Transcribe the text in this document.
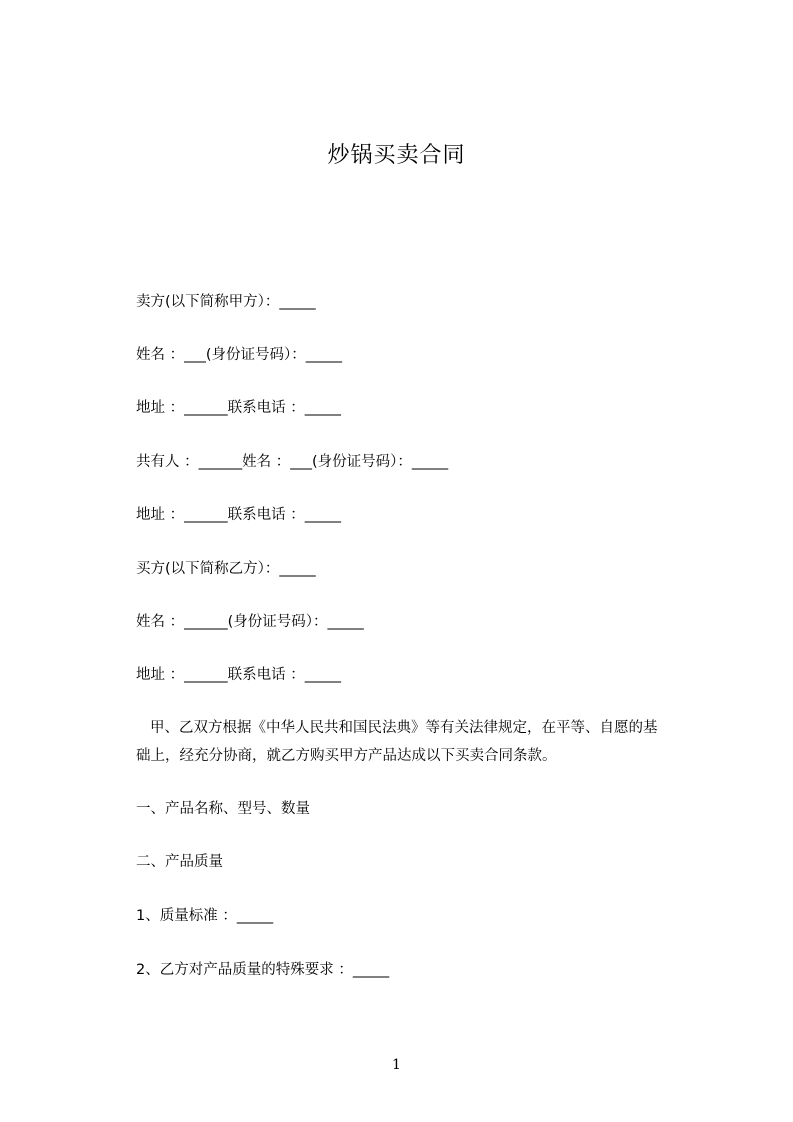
炒锅买卖合同
卖方(以下简称甲方）：_____
姓名 ：___(身份证号码）：_____
地址 ：______联系电话 ：_____
共有人 ：______姓名 ：___(身份证号码）：_____
地址 ：______联系电话 ：_____
买方(以下简称乙方）：_____
姓名 ：______(身份证号码）：_____
地址 ：______联系电话 ：_____
甲、乙双方根据《中华人民共和国民法典》等有关法律规定，在平等、自愿的基
础上，经充分协商，就乙方购买甲方产品达成以下买卖合同条款。
一、产品名称、型号、数量
二、产品质量
1、质量标准 ：_____
2、乙方对产品质量的特殊要求 ：_____
1
